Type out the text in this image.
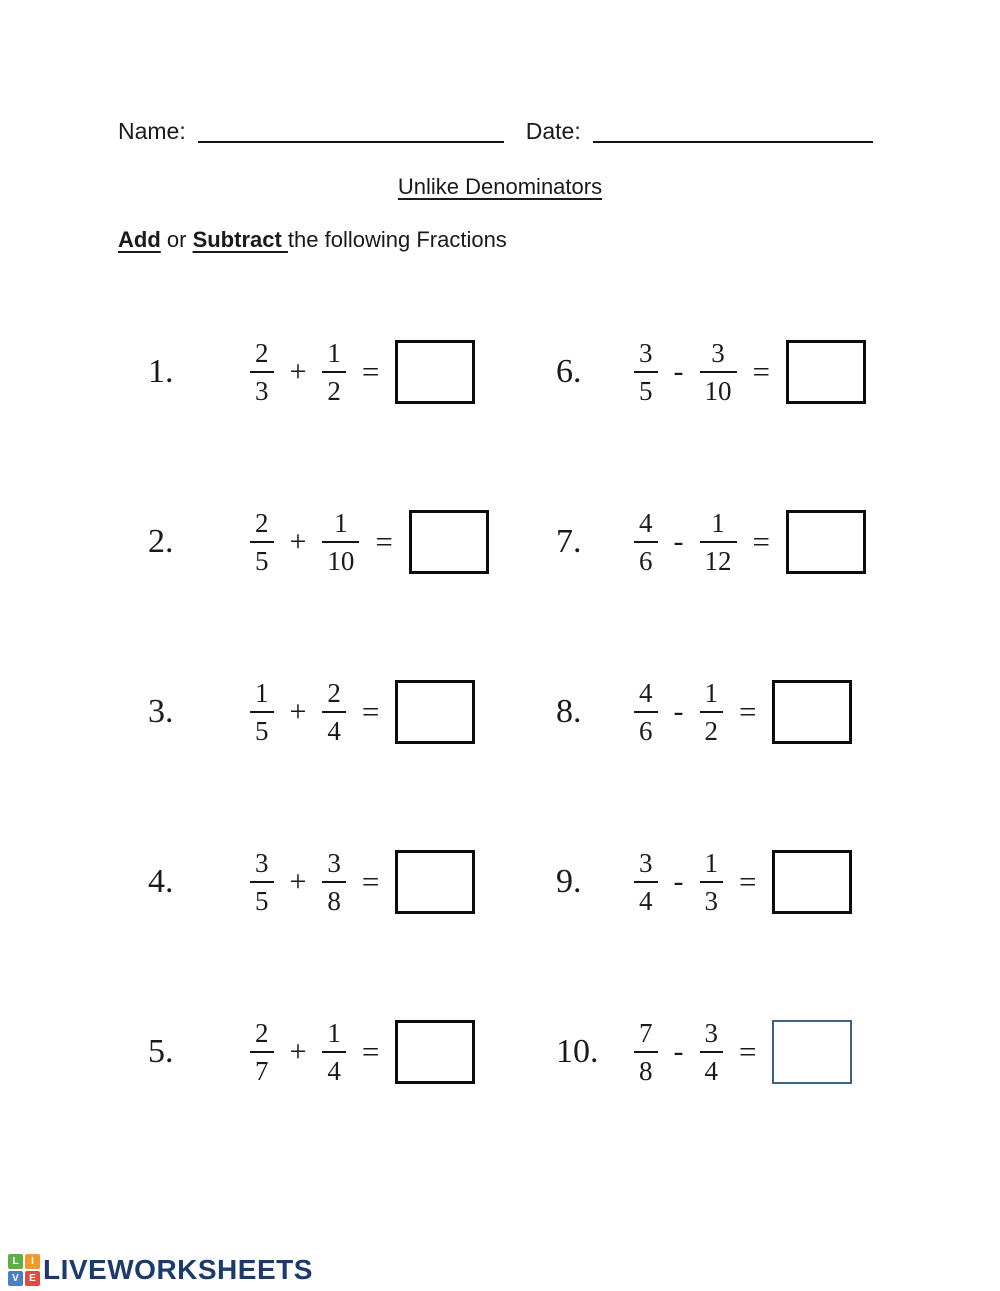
Name:	Date:
Unlike Denominators
Add or Subtract the following Fractions
1.	$\frac{2}{3} + \frac{1}{2}$ =
2.	$\frac{2}{5} + \frac{1}{10}$ =
3.	$\frac{1}{5} + \frac{2}{4}$ =
4.	$\frac{3}{5} + \frac{3}{8}$ =
5.	$\frac{2}{7} + \frac{1}{4}$ =
6.	$\frac{3}{5} - \frac{3}{10}$ =
7.	$\frac{4}{6} - \frac{1}{12}$ =
8.	$\frac{4}{6} - \frac{1}{2}$ =
9.	$\frac{3}{4} - \frac{1}{3}$ =
10.	$\frac{7}{8} - \frac{3}{4}$ =
L	I
V	E LIVEWORKSHEETS
